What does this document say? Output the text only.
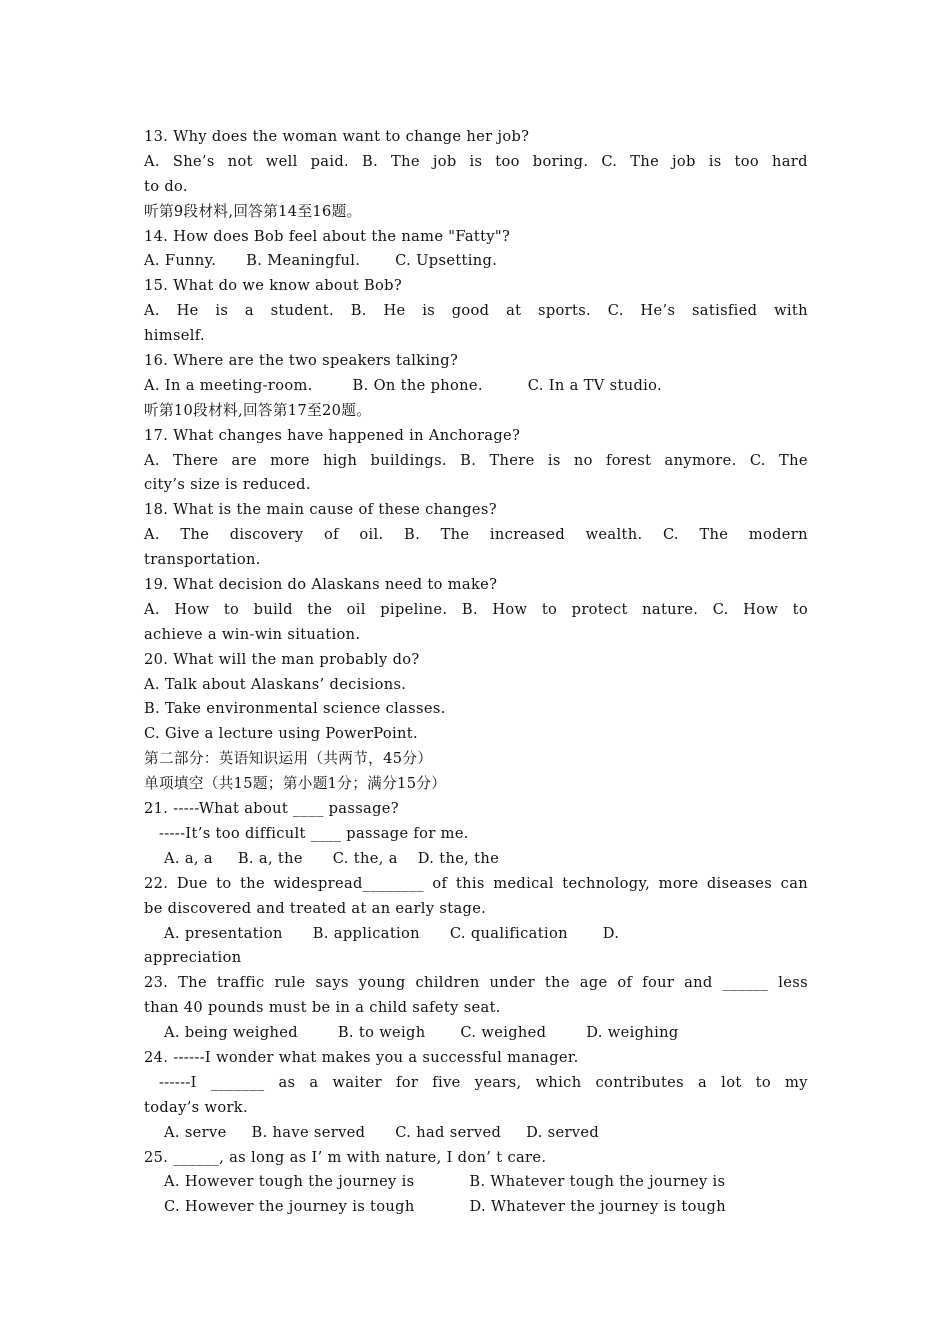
13. Why does the woman want to change her job?
A. She’s not well paid. B. The job is too boring. C. The job is too hard
to do.
听第9段材料,回答第14至16题。
14. How does Bob feel about the name "Fatty"?
A. Funny.      B. Meaningful.       C. Upsetting.
15. What do we know about Bob?
A. He is a student. B. He is good at sports. C. He’s satisfied with
himself.
16. Where are the two speakers talking?
A. In a meeting-room.        B. On the phone.         C. In a TV studio.
听第10段材料,回答第17至20题。
17. What changes have happened in Anchorage?
A. There are more high buildings. B. There is no forest anymore. C. The
city’s size is reduced.
18. What is the main cause of these changes?
A. The discovery of oil. B. The increased wealth. C. The modern
transportation.
19. What decision do Alaskans need to make?
A. How to build the oil pipeline. B. How to protect nature. C. How to
achieve a win-win situation.
20. What will the man probably do?
A. Talk about Alaskans’ decisions.
B. Take environmental science classes.
C. Give a lecture using PowerPoint.
第二部分：英语知识运用（共两节，45分）
单项填空（共15题；第小题1分；满分15分）
21. -----What about ____ passage?
-----It’s too difficult ____ passage for me.
A. a, a     B. a, the      C. the, a    D. the, the
22. Due to the widespread________ of this medical technology, more diseases can
be discovered and treated at an early stage.
A. presentation      B. application      C. qualification       D.
appreciation
23. The traffic rule says young children under the age of four and ______ less
than 40 pounds must be in a child safety seat.
A. being weighed        B. to weigh       C. weighed        D. weighing
24. ------I wonder what makes you a successful manager.
------I _______ as a waiter for five years, which contributes a lot to my
today’s work.
A. serve     B. have served      C. had served     D. served
25. ______, as long as I’ m with nature, I don’ t care.
A. However tough the journey is           B. Whatever tough the journey is
C. However the journey is tough           D. Whatever the journey is tough
